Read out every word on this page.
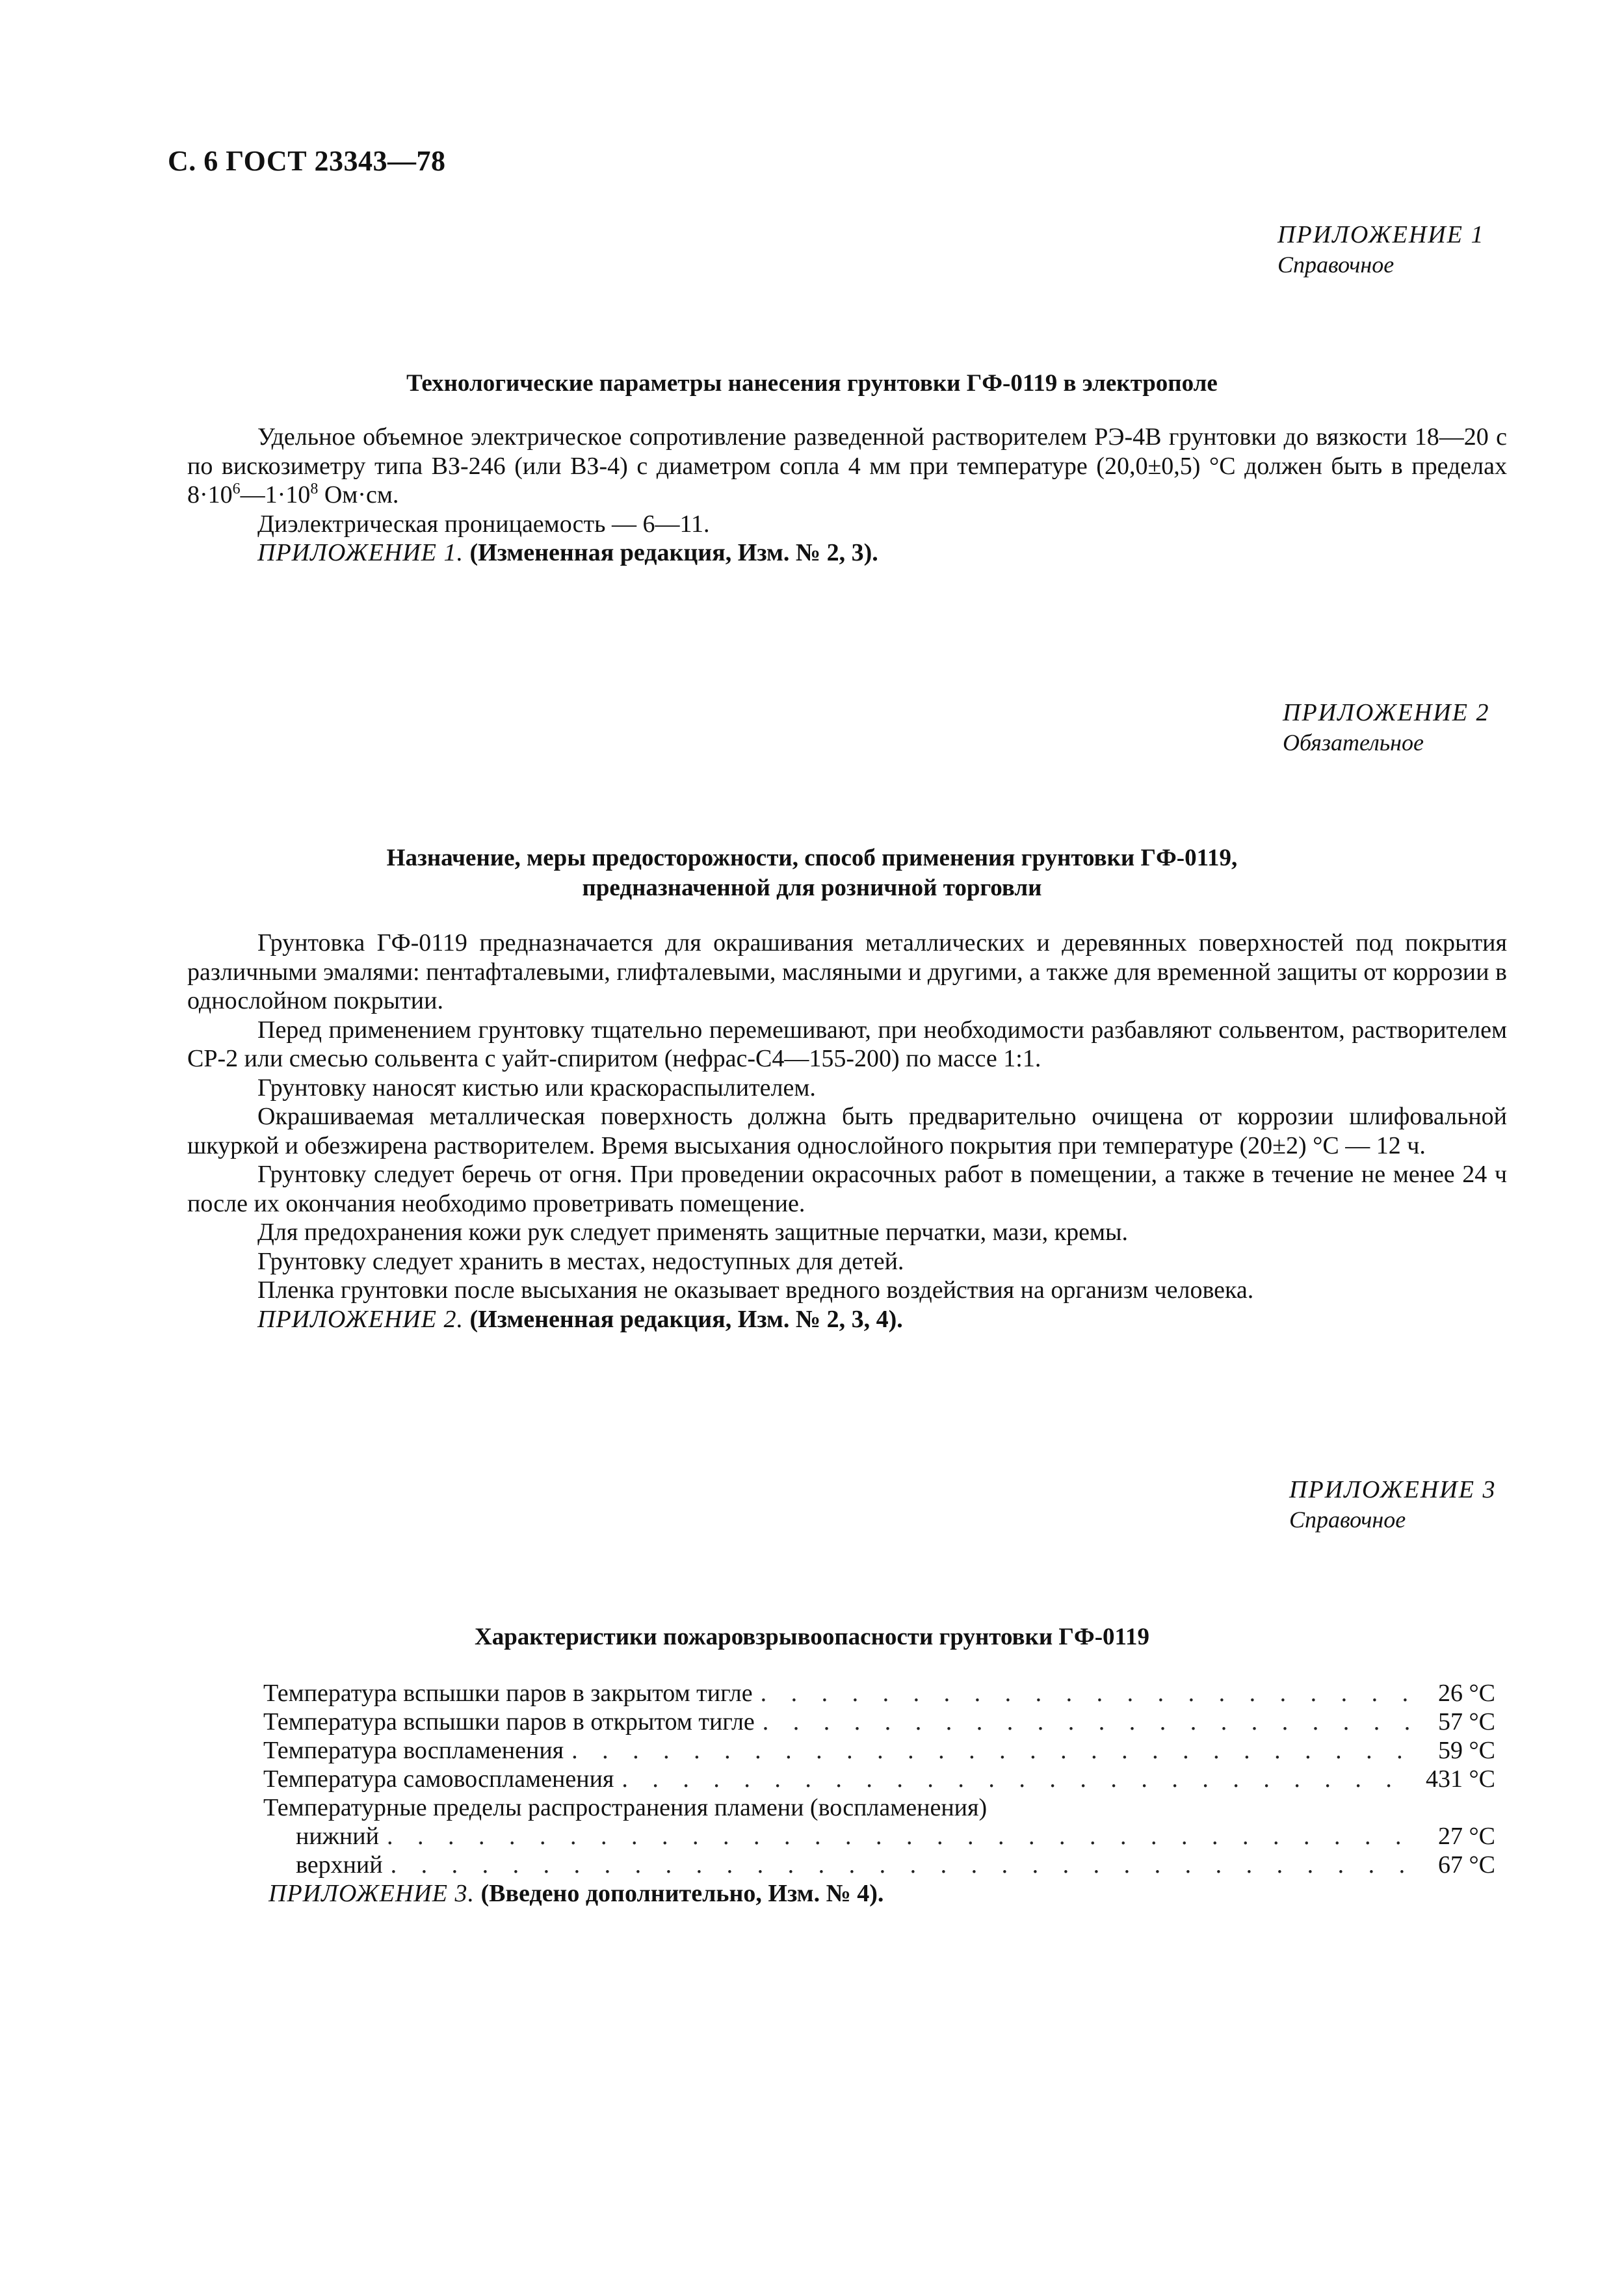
С. 6 ГОСТ 23343—78
ПРИЛОЖЕНИЕ 1
Справочное
Технологические параметры нанесения грунтовки ГФ-0119 в электрополе

Удельное объемное электрическое сопротивление разведенной растворителем РЭ-4В грунтовки до вязкости 18—20 с по вискозиметру типа ВЗ-246 (или ВЗ-4) с диаметром сопла 4 мм при температуре (20,0±0,5) °С должен быть в пределах $8\cdot 10^6—1\cdot 10^8$ Ом·см.

Диэлектрическая проницаемость — 6—11.

ПРИЛОЖЕНИЕ 1. (Измененная редакция, Изм. № 2, 3).
ПРИЛОЖЕНИЕ 2
Обязательное
Назначение, меры предосторожности, способ применения грунтовки ГФ-0119,
предназначенной для розничной торговли

Грунтовка ГФ-0119 предназначается для окрашивания металлических и деревянных поверхностей под покрытия различными эмалями: пентафталевыми, глифталевыми, масляными и другими, а также для временной защиты от коррозии в однослойном покрытии.

Перед применением грунтовку тщательно перемешивают, при необходимости разбавляют сольвентом, растворителем СР-2 или смесью сольвента с уайт-спиритом (нефрас-С4—155-200) по массе 1:1.

Грунтовку наносят кистью или краскораспылителем.

Окрашиваемая металлическая поверхность должна быть предварительно очищена от коррозии шлифовальной шкуркой и обезжирена растворителем. Время высыхания однослойного покрытия при температуре (20±2) °С — 12 ч.

Грунтовку следует беречь от огня. При проведении окрасочных работ в помещении, а также в течение не менее 24 ч после их окончания необходимо проветривать помещение.

Для предохранения кожи рук следует применять защитные перчатки, мази, кремы.

Грунтовку следует хранить в местах, недоступных для детей.

Пленка грунтовки после высыхания не оказывает вредного воздействия на организм человека.

ПРИЛОЖЕНИЕ 2. (Измененная редакция, Изм. № 2, 3, 4).
ПРИЛОЖЕНИЕ 3
Справочное
Характеристики пожаровзрывоопасности грунтовки ГФ-0119
Температура вспышки паров в закрытом тигле . . .	26 °С
Температура вспышки паров в открытом тигле . . .	57 °С
Температура воспламенения . . .	59 °С
Температура самовоспламенения . . .	431 °С
Температурные пределы распространения пламени (воспламенения)
нижний . . .	27 °С
верхний . . .	67 °С
ПРИЛОЖЕНИЕ 3. (Введено дополнительно, Изм. № 4).
